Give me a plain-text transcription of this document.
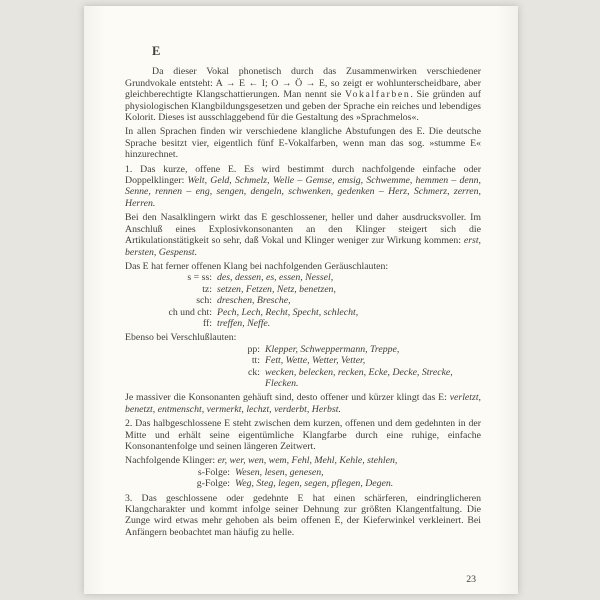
E
Da dieser Vokal phonetisch durch das Zusammenwirken verschiedener Grundvokale entsteht: A → E ← I; O → Ö → E, so zeigt er wohlunterscheidbare, aber gleichberechtigte Klangschattierungen. Man nennt sie Vokalfarben. Sie gründen auf physiologischen Klangbildungsgesetzen und geben der Sprache ein reiches und lebendiges Kolorit. Dieses ist ausschlaggebend für die Gestaltung des »Sprachmelos«.
In allen Sprachen finden wir verschiedene klangliche Abstufungen des E. Die deutsche Sprache besitzt vier, eigentlich fünf E-Vokalfarben, wenn man das sog. »stumme E« hinzurechnet.
1. Das kurze, offene E. Es wird bestimmt durch nachfolgende einfache oder Doppelklinger: Welt, Geld, Schmelz, Welle – Gemse, emsig, Schwemme, hemmen – denn, Senne, rennen – eng, sengen, dengeln, schwenken, gedenken – Herz, Schmerz, zerren, Herren.
Bei den Nasalklingern wirkt das E geschlossener, heller und daher ausdrucksvoller. Im Anschluß eines Explosivkonsonanten an den Klinger steigert sich die Artikulationstätigkeit so sehr, daß Vokal und Klinger weniger zur Wirkung kommen: erst, bersten, Gespenst.
Das E hat ferner offenen Klang bei nachfolgenden Geräuschlauten:
s = ss: des, dessen, es, essen, Nessel,
tz: setzen, Fetzen, Netz, benetzen,
sch: dreschen, Bresche,
ch und cht: Pech, Lech, Recht, Specht, schlecht,
ff: treffen, Neffe.
Ebenso bei Verschlußlauten:
pp: Klepper, Schweppermann, Treppe,
tt: Fett, Wette, Wetter, Vetter,
ck: wecken, belecken, recken, Ecke, Decke, Strecke, Flecken.
Je massiver die Konsonanten gehäuft sind, desto offener und kürzer klingt das E: verletzt, benetzt, entmenscht, vermerkt, lechzt, verderbt, Herbst.
2. Das halbgeschlossene E steht zwischen dem kurzen, offenen und dem gedehnten in der Mitte und erhält seine eigentümliche Klangfarbe durch eine ruhige, einfache Konsonantenfolge und seinen längeren Zeitwert.
Nachfolgende Klinger: er, wer, wen, wem, Fehl, Mehl, Kehle, stehlen,
s-Folge: Wesen, lesen, genesen,
g-Folge: Weg, Steg, legen, segen, pflegen, Degen.
3. Das geschlossene oder gedehnte E hat einen schärferen, eindringlicheren Klangcharakter und kommt infolge seiner Dehnung zur größten Klangentfaltung. Die Zunge wird etwas mehr gehoben als beim offenen E, der Kieferwinkel verkleinert. Bei Anfängern beobachtet man häufig zu helle.
23
